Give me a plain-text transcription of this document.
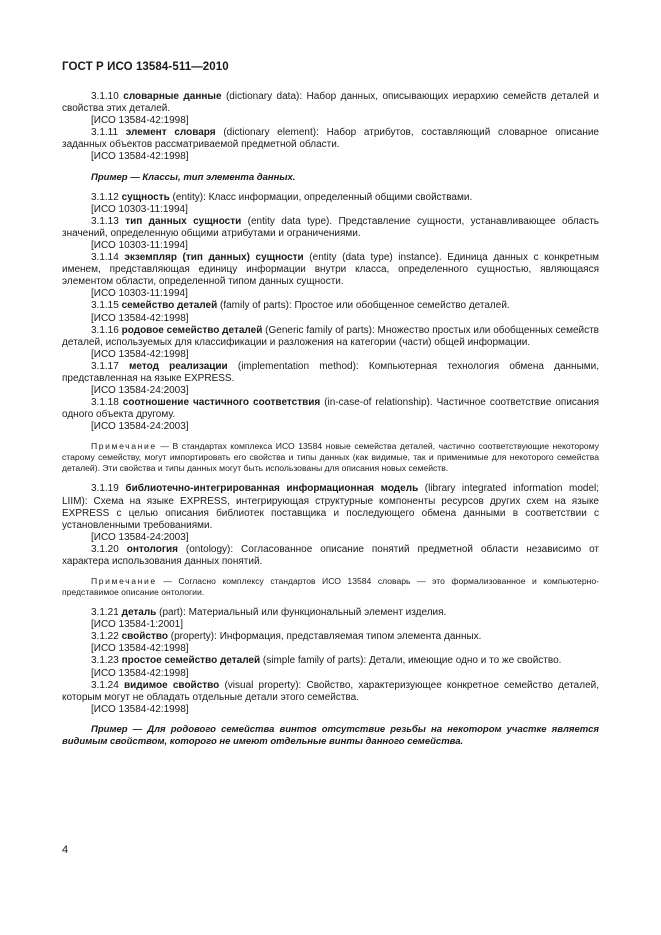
ГОСТ Р ИСО 13584-511—2010

3.1.10 словарные данные (dictionary data): Набор данных, описывающих иерархию семейств деталей и свойства этих деталей.

[ИСО 13584-42:1998]

3.1.11 элемент словаря (dictionary element): Набор атрибутов, составляющий словарное описание заданных объектов рассматриваемой предметной области.

[ИСО 13584-42:1998]

Пример — Классы, тип элемента данных.

3.1.12 сущность (entity): Класс информации, определенный общими свойствами.

[ИСО 10303-11:1994]

3.1.13 тип данных сущности (entity data type). Представление сущности, устанавливающее область значений, определенную общими атрибутами и ограничениями.

[ИСО 10303-11:1994]

3.1.14 экземпляр (тип данных) сущности (entity (data type) instance). Единица данных с конкретным именем, представляющая единицу информации внутри класса, определенного сущностью, являющаяся элементом области, определенной типом данных сущности.

[ИСО 10303-11:1994]

3.1.15 семейство деталей (family of parts): Простое или обобщенное семейство деталей.

[ИСО 13584-42:1998]

3.1.16 родовое семейство деталей (Generic family of parts): Множество простых или обобщенных семейств деталей, используемых для классификации и разложения на категории (части) общей информации.

[ИСО 13584-42:1998]

3.1.17 метод реализации (implementation method): Компьютерная технология обмена данными, представленная на языке EXPRESS.

[ИСО 13584-24:2003]

3.1.18 соотношение частичного соответствия (in-case-of relationship). Частичное соответствие описания одного объекта другому.

[ИСО 13584-24:2003]

Примечание — В стандартах комплекса ИСО 13584 новые семейства деталей, частично соответствующие некоторому старому семейству, могут импортировать его свойства и типы данных (как видимые, так и применимые для некоторого семейства деталей). Эти свойства и типы данных могут быть использованы для описания новых семейств.

3.1.19 библиотечно-интегрированная информационная модель (library integrated information model; LIIM): Схема на языке EXPRESS, интегрирующая структурные компоненты ресурсов других схем на языке EXPRESS с целью описания библиотек поставщика и последующего обмена данными в соответствии с установленными требованиями.

[ИСО 13584-24:2003]

3.1.20 онтология (ontology): Согласованное описание понятий предметной области независимо от характера использования данных понятий.

Примечание — Согласно комплексу стандартов ИСО 13584 словарь — это формализованное и компьютерно-представимое описание онтологии.

3.1.21 деталь (part): Материальный или функциональный элемент изделия.

[ИСО 13584-1:2001]

3.1.22 свойство (property): Информация, представляемая типом элемента данных.

[ИСО 13584-42:1998]

3.1.23 простое семейство деталей (simple family of parts): Детали, имеющие одно и то же свойство.

[ИСО 13584-42:1998]

3.1.24 видимое свойство (visual property): Свойство, характеризующее конкретное семейство деталей, которым могут не обладать отдельные детали этого семейства.

[ИСО 13584-42:1998]

Пример — Для родового семейства винтов отсутствие резьбы на некотором участке является видимым свойством, которого не имеют отдельные винты данного семейства.

4
